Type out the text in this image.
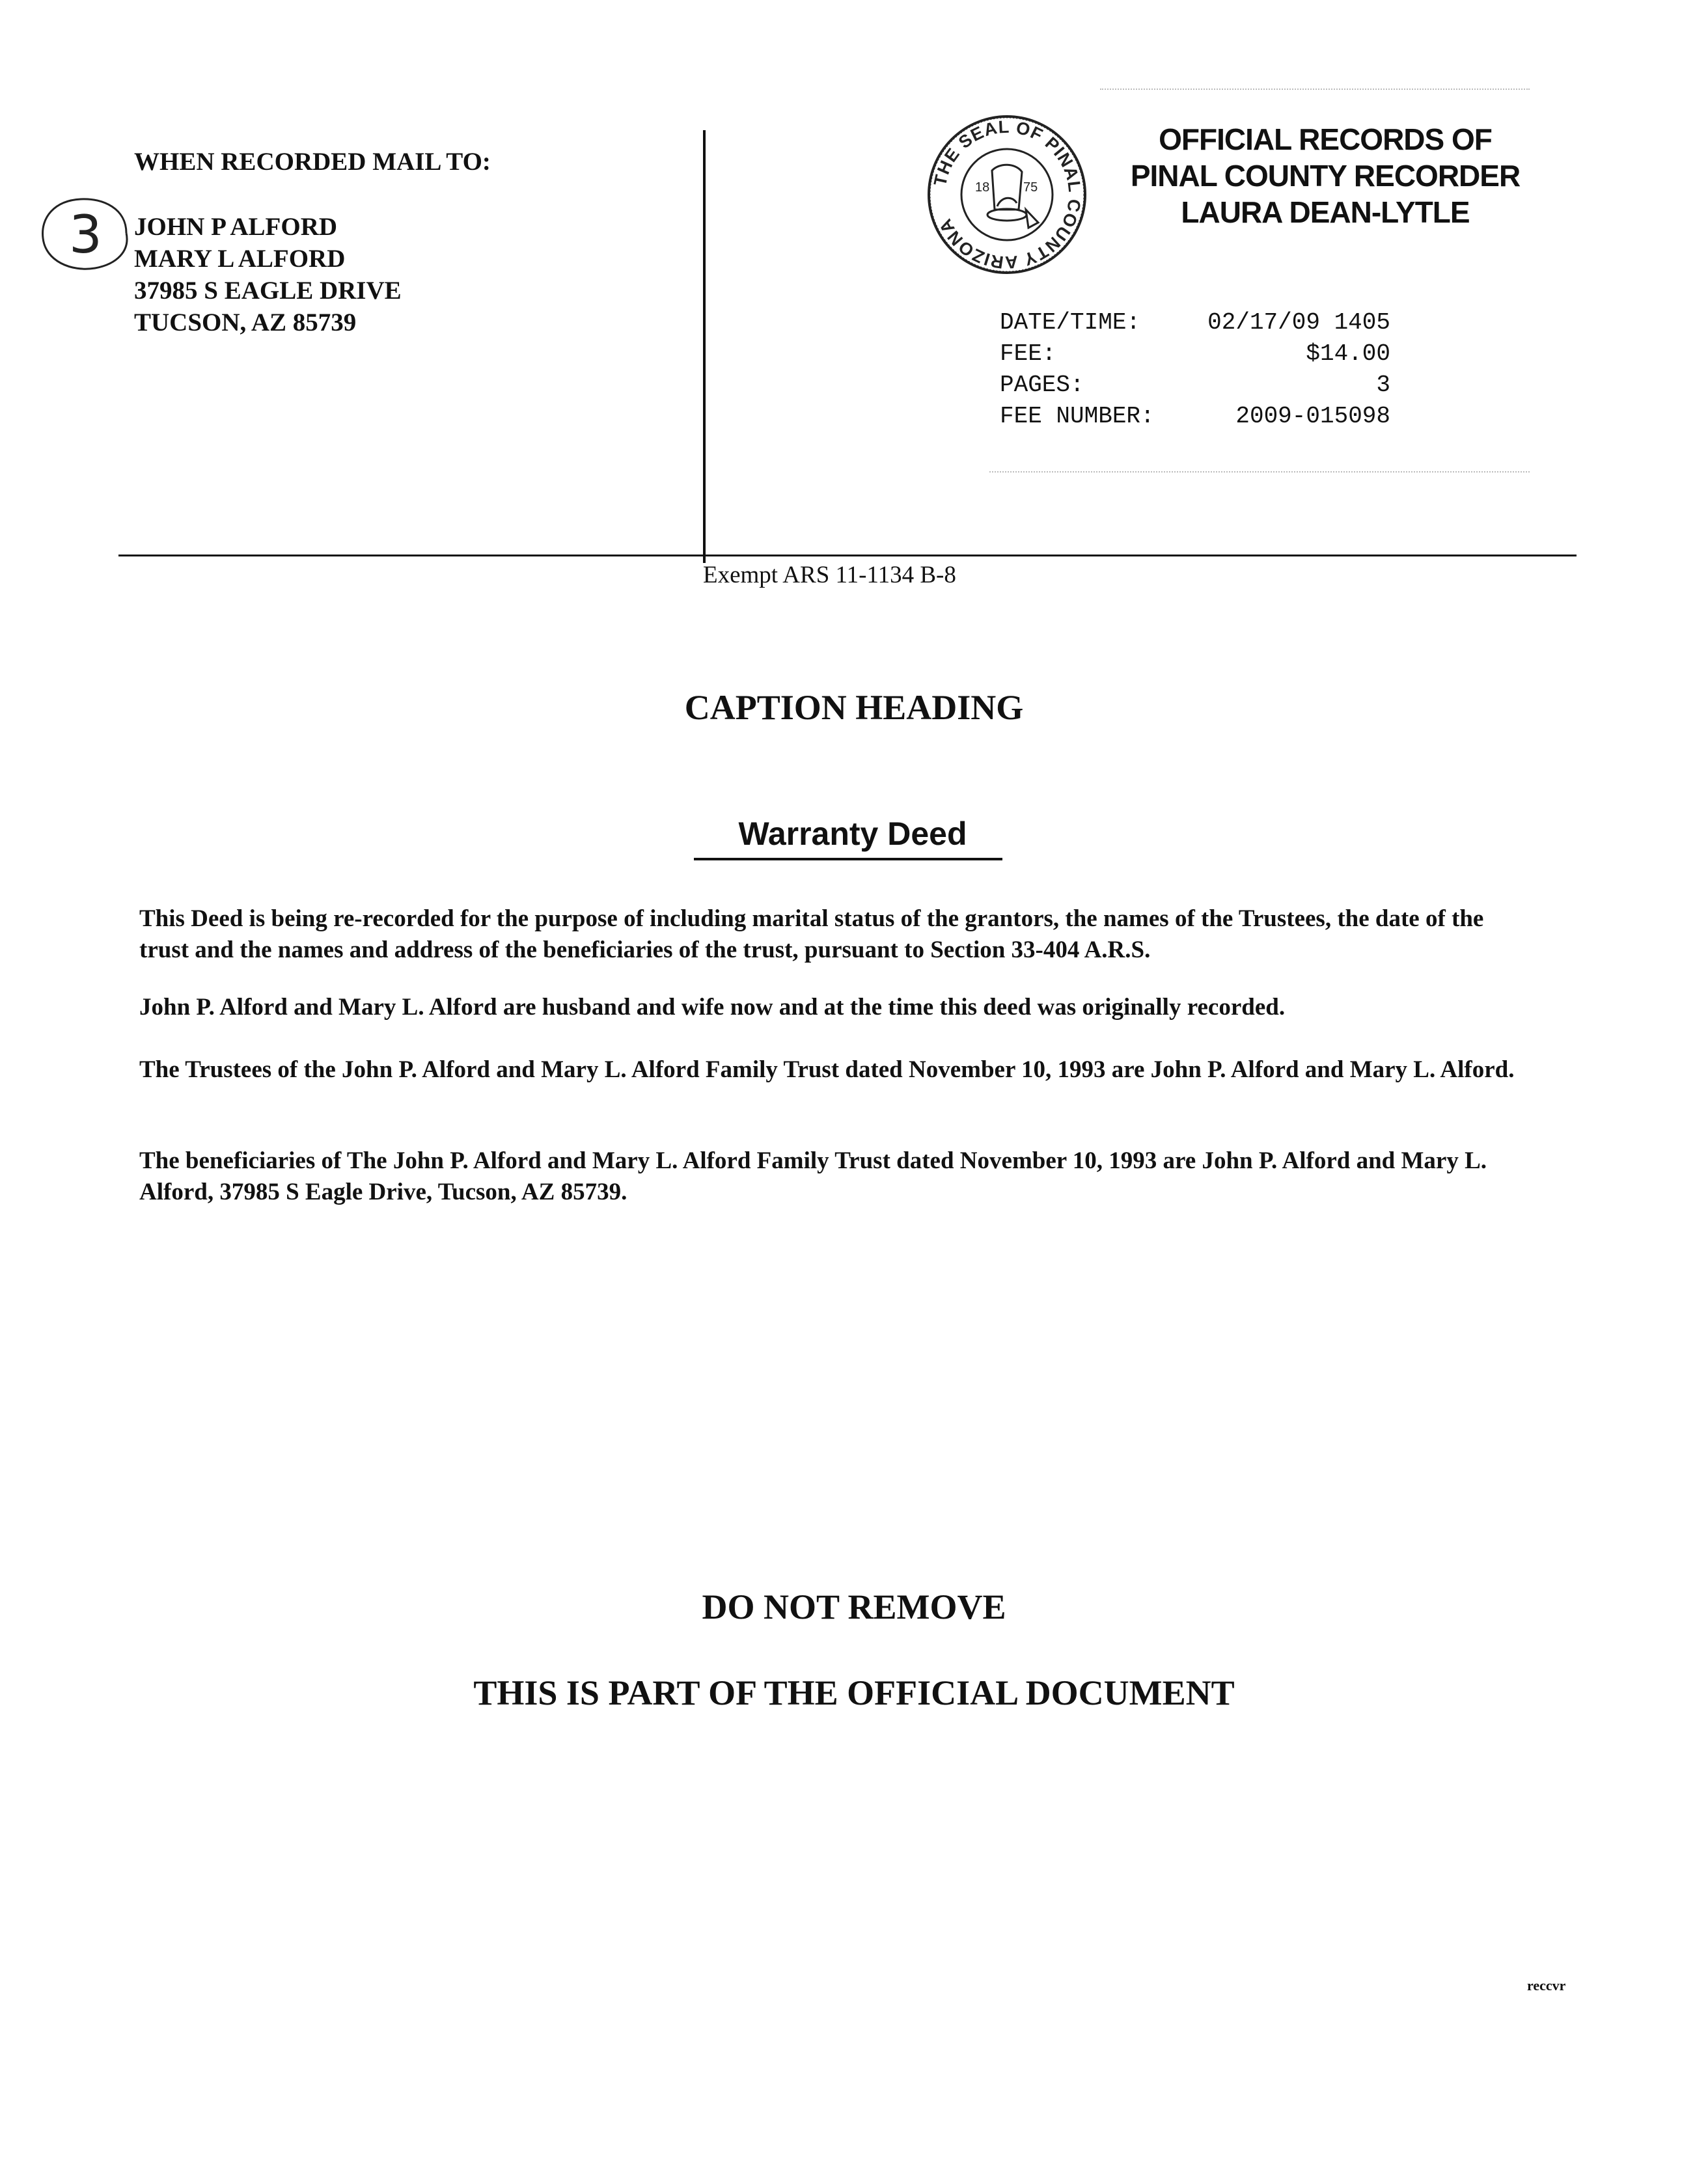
WHEN RECORDED MAIL TO:
3 JOHN P ALFORD
MARY L ALFORD
37985 S EAGLE DRIVE
TUCSON, AZ 85739
THE SEAL OF PINAL COUNTY ARIZONA
18	75
OFFICIAL RECORDS OF
PINAL COUNTY RECORDER
LAURA DEAN-LYTLE
DATE/TIME:	02/17/09 1405
FEE:	$14.00
PAGES:	3
FEE NUMBER:	2009-015098
Exempt ARS 11-1134 B-8
CAPTION HEADING
Warranty Deed
This Deed is being re-recorded for the purpose of including marital status of the grantors, the names of the Trustees, the date of the trust and the names and address of the beneficiaries of the trust, pursuant to Section 33-404 A.R.S.
John P. Alford and Mary L. Alford are husband and wife now and at the time this deed was originally recorded.
The Trustees of the John P. Alford and Mary L. Alford Family Trust dated November 10, 1993 are John P. Alford and Mary L. Alford.
The beneficiaries of The John P. Alford and Mary L. Alford Family Trust dated November 10, 1993 are John P. Alford and Mary L. Alford, 37985 S Eagle Drive, Tucson, AZ 85739.
DO NOT REMOVE
THIS IS PART OF THE OFFICIAL DOCUMENT
reccvr
